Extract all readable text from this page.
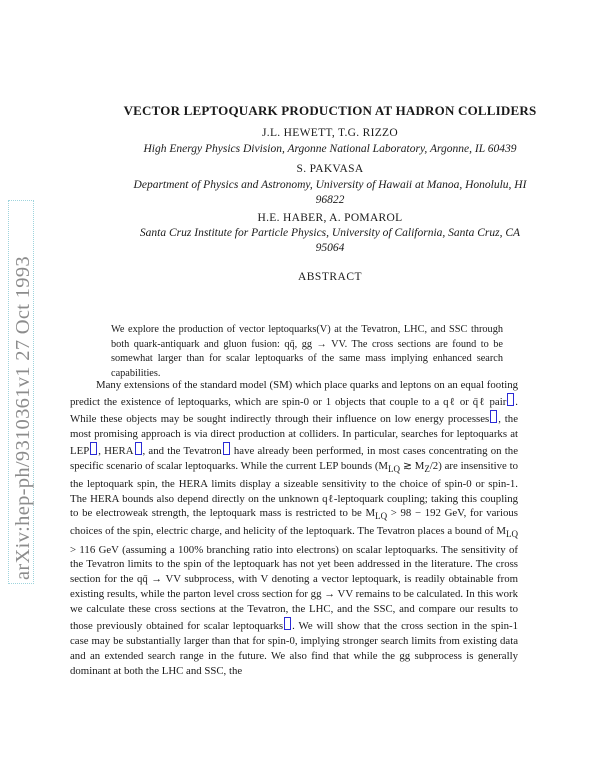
arXiv:hep-ph/9310361v1 27 Oct 1993
VECTOR LEPTOQUARK PRODUCTION AT HADRON COLLIDERS
J.L. HEWETT, T.G. RIZZO
High Energy Physics Division, Argonne National Laboratory, Argonne, IL 60439
S. PAKVASA
Department of Physics and Astronomy, University of Hawaii at Manoa, Honolulu, HI
96822
H.E. HABER, A. POMAROL
Santa Cruz Institute for Particle Physics, University of California, Santa Cruz, CA
95064
ABSTRACT
We explore the production of vector leptoquarks(V) at the Tevatron, LHC, and SSC through both quark-antiquark and gluon fusion: qq̄, gg → VV. The cross sections are found to be somewhat larger than for scalar leptoquarks of the same mass implying enhanced search capabilities.

Many extensions of the standard model (SM) which place quarks and leptons on an equal footing predict the existence of leptoquarks, which are spin-0 or 1 objects that couple to a qℓ or q̄ℓ pair . While these objects may be sought indirectly through their influence on low energy processes , the most promising approach is via direct production at colliders. In particular, searches for leptoquarks at LEP , HERA , and the Tevatron have already been performed, in most cases concentrating on the specific scenario of scalar leptoquarks. While the current LEP bounds ($M_{LQ}$ ≳ $M_Z/2$) are insensitive to the leptoquark spin, the HERA limits display a sizeable sensitivity to the choice of spin-0 or spin-1. The HERA bounds also depend directly on the unknown qℓ-leptoquark coupling; taking this coupling to be electroweak strength, the leptoquark mass is restricted to be $M_{LQ} > 98 - 192$ GeV, for various choices of the spin, electric charge, and helicity of the leptoquark. The Tevatron places a bound of $M_{LQ} > 116$ GeV (assuming a 100% branching ratio into electrons) on scalar leptoquarks. The sensitivity of the Tevatron limits to the spin of the leptoquark has not yet been addressed in the literature. The cross section for the qq̄ → VV subprocess, with V denoting a vector leptoquark, is readily obtainable from existing results, while the parton level cross section for gg → VV remains to be calculated. In this work we calculate these cross sections at the Tevatron, the LHC, and the SSC, and compare our results to those previously obtained for scalar leptoquarks . We will show that the cross section in the spin-1 case may be substantially larger than that for spin-0, implying stronger search limits from existing data and an extended search range in the future. We also find that while the gg subprocess is generally dominant at both the LHC and SSC, the
